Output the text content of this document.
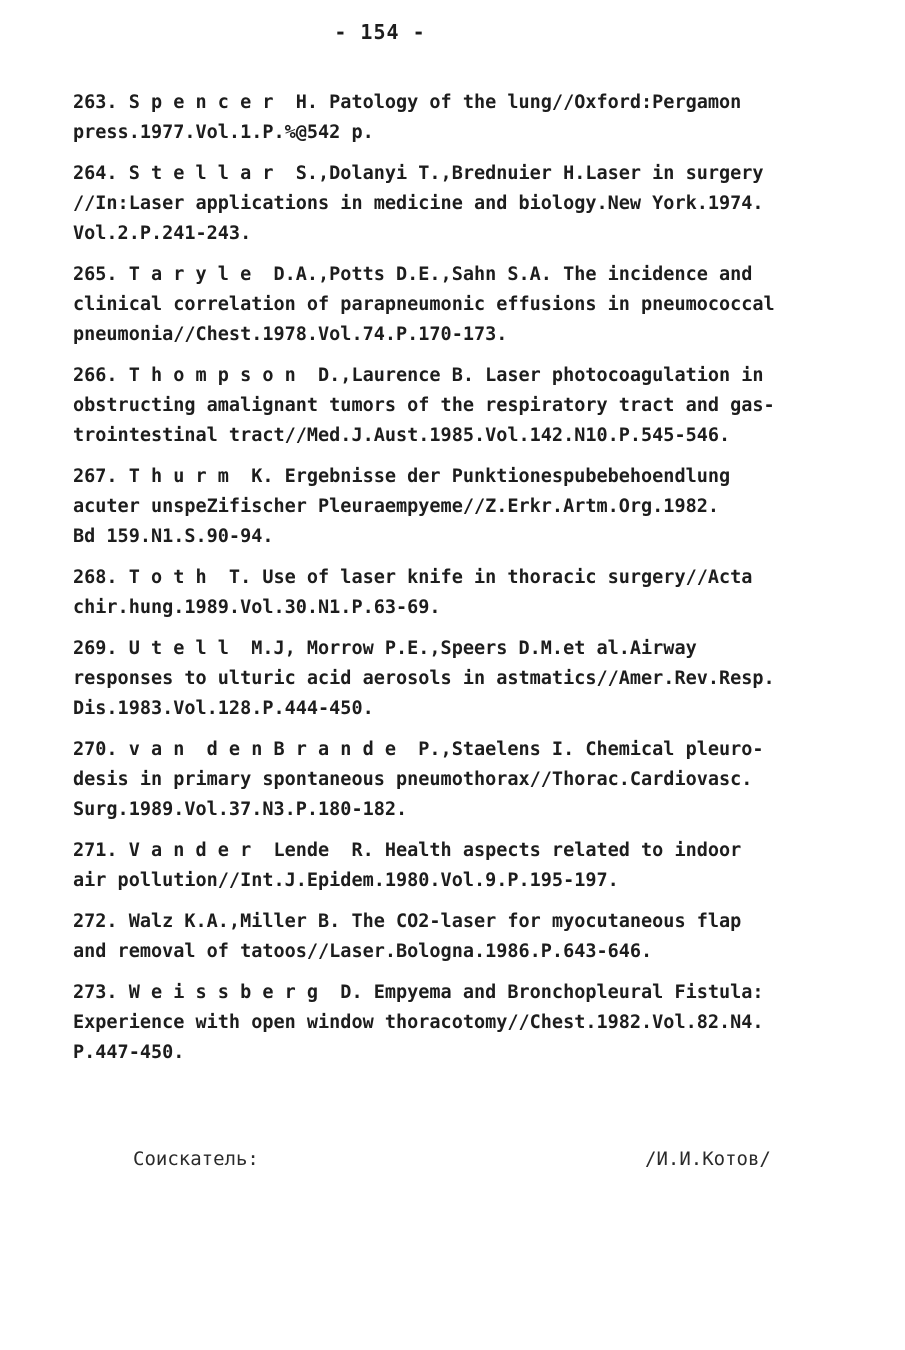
- 154 -
263. S p e n c e r  H. Patology of the lung//Oxford:Pergamon
press.1977.Vol.1.P.%@542 p.
264. S t e l l a r  S.,Dolanyi T.,Brednuier H.Laser in surgery
//In:Laser applications in medicine and biology.New York.1974.
Vol.2.P.241-243.
265. T a r y l e  D.A.,Potts D.E.,Sahn S.A. The incidence and
clinical correlation of parapneumonic effusions in pneumococcal
pneumonia//Chest.1978.Vol.74.P.170-173.
266. T h o m p s o n  D.,Laurence B. Laser photocoagulation in
obstructing amalignant tumors of the respiratory tract and gas-
trointestinal tract//Med.J.Aust.1985.Vol.142.N10.P.545-546.
267. T h u r m  K. Ergebnisse der Punktionespubebehoendlung
acuter unspeZifischer Pleuraempyeme//Z.Erkr.Artm.Org.1982.
Bd 159.N1.S.90-94.
268. T o t h  T. Use of laser knife in thoracic surgery//Acta
chir.hung.1989.Vol.30.N1.P.63-69.
269. U t e l l  M.J, Morrow P.E.,Speers D.M.et al.Airway
responses to ulturic acid aerosols in astmatics//Amer.Rev.Resp.
Dis.1983.Vol.128.P.444-450.
270. v a n  d e n B r a n d e  P.,Staelens I. Chemical pleuro-
desis in primary spontaneous pneumothorax//Thorac.Cardiovasc.
Surg.1989.Vol.37.N3.P.180-182.
271. V a n d e r  Lende  R. Health aspects related to indoor
air pollution//Int.J.Epidem.1980.Vol.9.P.195-197.
272. Walz K.A.,Miller B. The CO2-laser for myocutaneous flap
and removal of tatoos//Laser.Bologna.1986.P.643-646.
273. W e i s s b e r g  D. Empyema and Bronchopleural Fistula:
Experience with open window thoracotomy//Chest.1982.Vol.82.N4.
P.447-450.
Соискатель:	/И.И.Котов/
